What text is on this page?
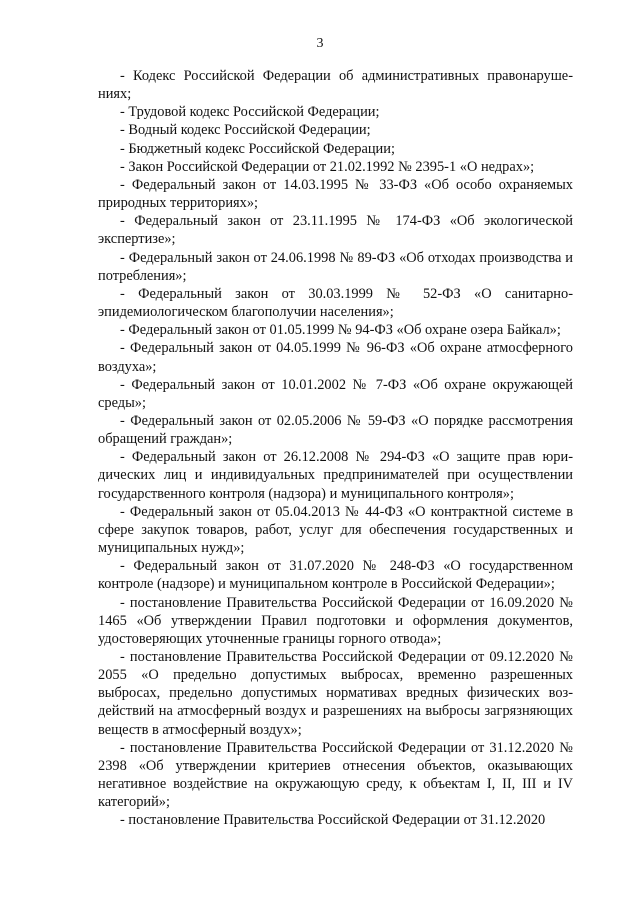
3

- Кодекс Российской Федерации об административных правонарушениях;

- Трудовой кодекс Российской Федерации;

- Водный кодекс Российской Федерации;

- Бюджетный кодекс Российской Федерации;

- Закон Российской Федерации от 21.02.1992 № 2395-1 «О недрах»;

- Федеральный закон от 14.03.1995 № 33-ФЗ «Об особо охраняемых природных территориях»;

- Федеральный закон от 23.11.1995 № 174-ФЗ «Об экологической экспертизе»;

- Федеральный закон от 24.06.1998 № 89-ФЗ «Об отходах производства и потребления»;

- Федеральный закон от 30.03.1999 № 52-ФЗ «О санитарно-эпидемиологическом благополучии населения»;

- Федеральный закон от 01.05.1999 № 94-ФЗ «Об охране озера Байкал»;

- Федеральный закон от 04.05.1999 № 96-ФЗ «Об охране атмосферного воздуха»;

- Федеральный закон от 10.01.2002 № 7-ФЗ «Об охране окружающей среды»;

- Федеральный закон от 02.05.2006 № 59-ФЗ «О порядке рассмотрения обращений граждан»;

- Федеральный закон от 26.12.2008 № 294-ФЗ «О защите прав юридических лиц и индивидуальных предпринимателей при осуществлении государственного контроля (надзора) и муниципального контроля»;

- Федеральный закон от 05.04.2013 № 44-ФЗ «О контрактной системе в сфере закупок товаров, работ, услуг для обеспечения государственных и муниципальных нужд»;

- Федеральный закон от 31.07.2020 № 248-ФЗ «О государственном контроле (надзоре) и муниципальном контроле в Российской Федерации»;

- постановление Правительства Российской Федерации от 16.09.2020 № 1465 «Об утверждении Правил подготовки и оформления документов, удостоверяющих уточненные границы горного отвода»;

- постановление Правительства Российской Федерации от 09.12.2020 № 2055 «О предельно допустимых выбросах, временно разрешенных выбросах, предельно допустимых нормативах вредных физических воздействий на атмосферный воздух и разрешениях на выбросы загрязняющих веществ в атмосферный воздух»;

- постановление Правительства Российской Федерации от 31.12.2020 № 2398 «Об утверждении критериев отнесения объектов, оказывающих негативное воздействие на окружающую среду, к объектам I, II, III и IV категорий»;

- постановление Правительства Российской Федерации от 31.12.2020
